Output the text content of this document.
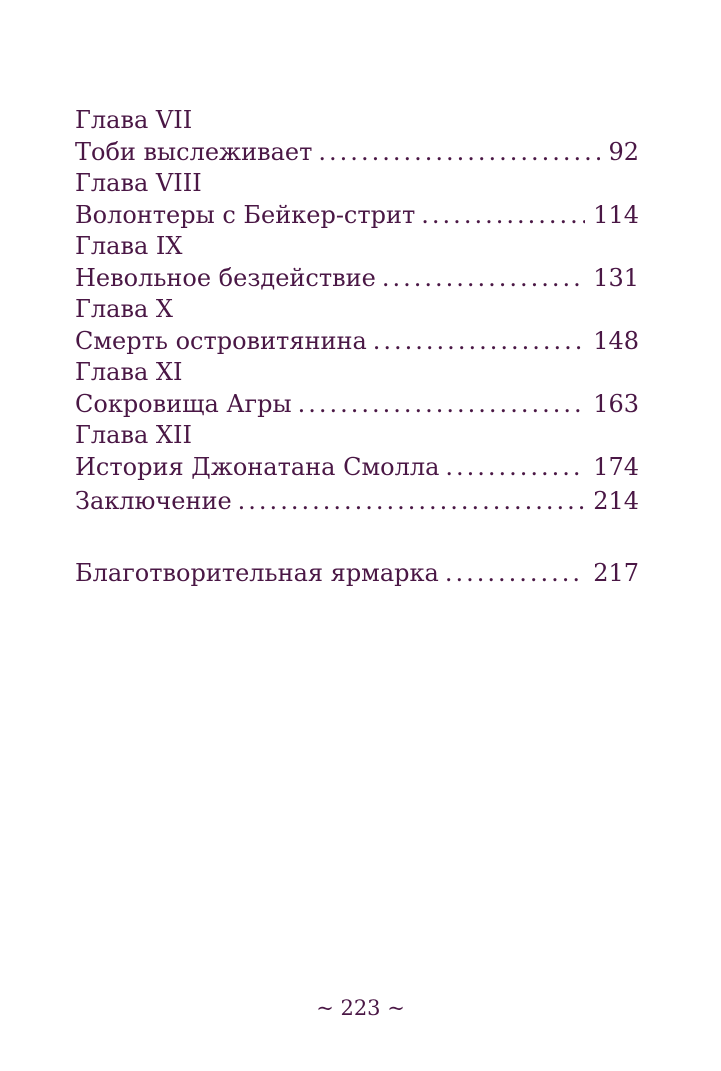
Глава VII
Тоби выслеживает .....	92
Глава VIII
Волонтеры с Бейкер-стрит .....	114
Глава IX
Невольное бездействие .....	131
Глава X
Смерть островитянина .....	148
Глава XI
Сокровища Агры .....	163
Глава XII
История Джонатана Смолла .....	174
Заключение .....	214
Благотворительная ярмарка .....	217
~ 223 ~
